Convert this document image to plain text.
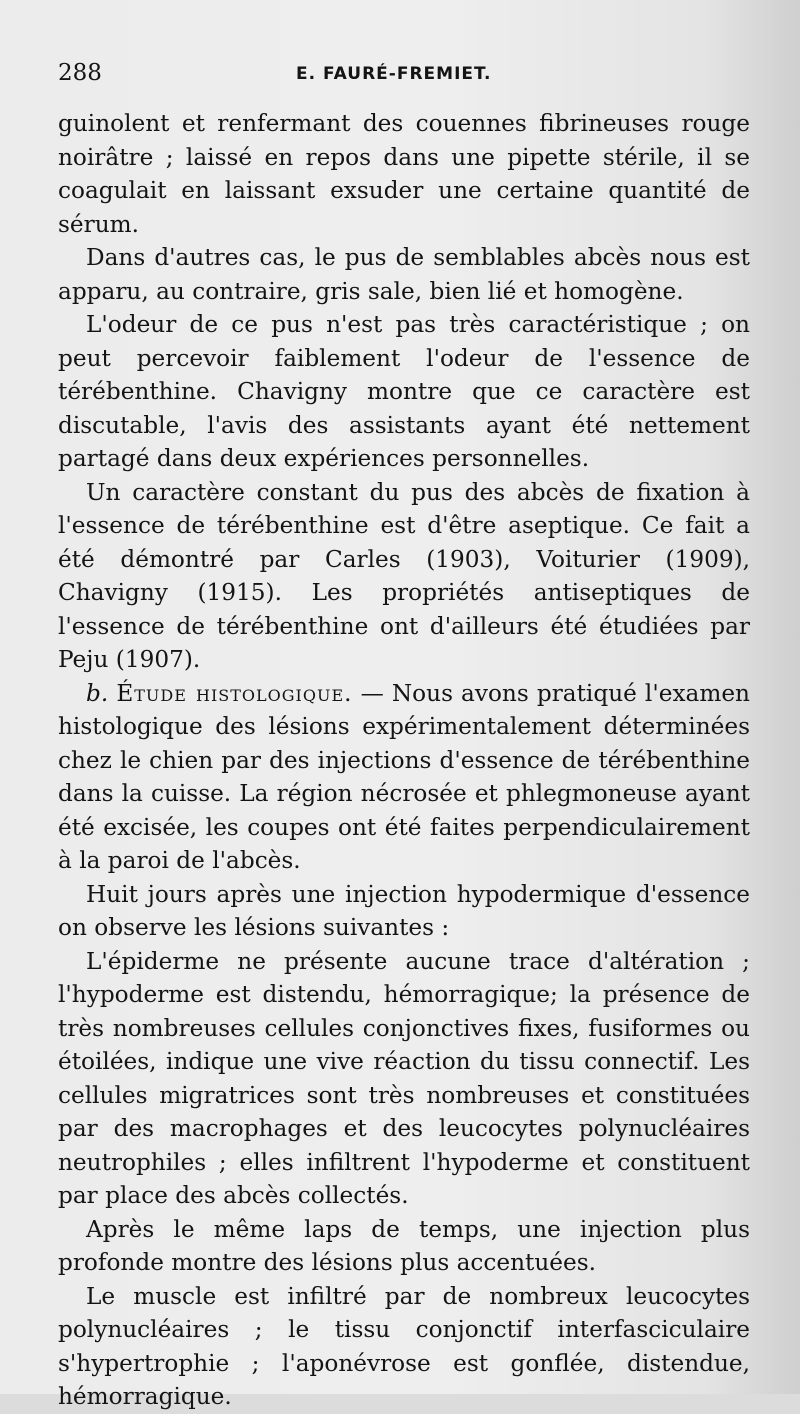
288	E. FAURÉ-FREMIET.

guinolent et renfermant des couennes fibrineuses rouge noirâtre ; laissé en repos dans une pipette stérile, il se coagulait en laissant exsuder une certaine quantité de sérum.

Dans d'autres cas, le pus de semblables abcès nous est apparu, au contraire, gris sale, bien lié et homogène.

L'odeur de ce pus n'est pas très caractéristique ; on peut percevoir faiblement l'odeur de l'essence de térébenthine. Chavigny montre que ce caractère est discutable, l'avis des assistants ayant été nettement partagé dans deux expériences personnelles.

Un caractère constant du pus des abcès de fixation à l'essence de térébenthine est d'être aseptique. Ce fait a été démontré par Carles (1903), Voiturier (1909), Chavigny (1915). Les propriétés antiseptiques de l'essence de térébenthine ont d'ailleurs été étudiées par Peju (1907).

b. Étude histologique. — Nous avons pratiqué l'examen histologique des lésions expérimentalement déterminées chez le chien par des injections d'essence de térébenthine dans la cuisse. La région nécrosée et phlegmoneuse ayant été excisée, les coupes ont été faites perpendiculairement à la paroi de l'abcès.

Huit jours après une injection hypodermique d'essence on observe les lésions suivantes :

L'épiderme ne présente aucune trace d'altération ; l'hypoderme est distendu, hémorragique; la présence de très nombreuses cellules conjonctives fixes, fusiformes ou étoilées, indique une vive réaction du tissu connectif. Les cellules migratrices sont très nombreuses et constituées par des macrophages et des leucocytes polynucléaires neutrophiles ; elles infiltrent l'hypoderme et constituent par place des abcès collectés.

Après le même laps de temps, une injection plus profonde montre des lésions plus accentuées.

Le muscle est infiltré par de nombreux leucocytes polynucléaires ; le tissu conjonctif interfasciculaire s'hypertrophie ; l'aponévrose est gonflée, distendue, hémorragique.
